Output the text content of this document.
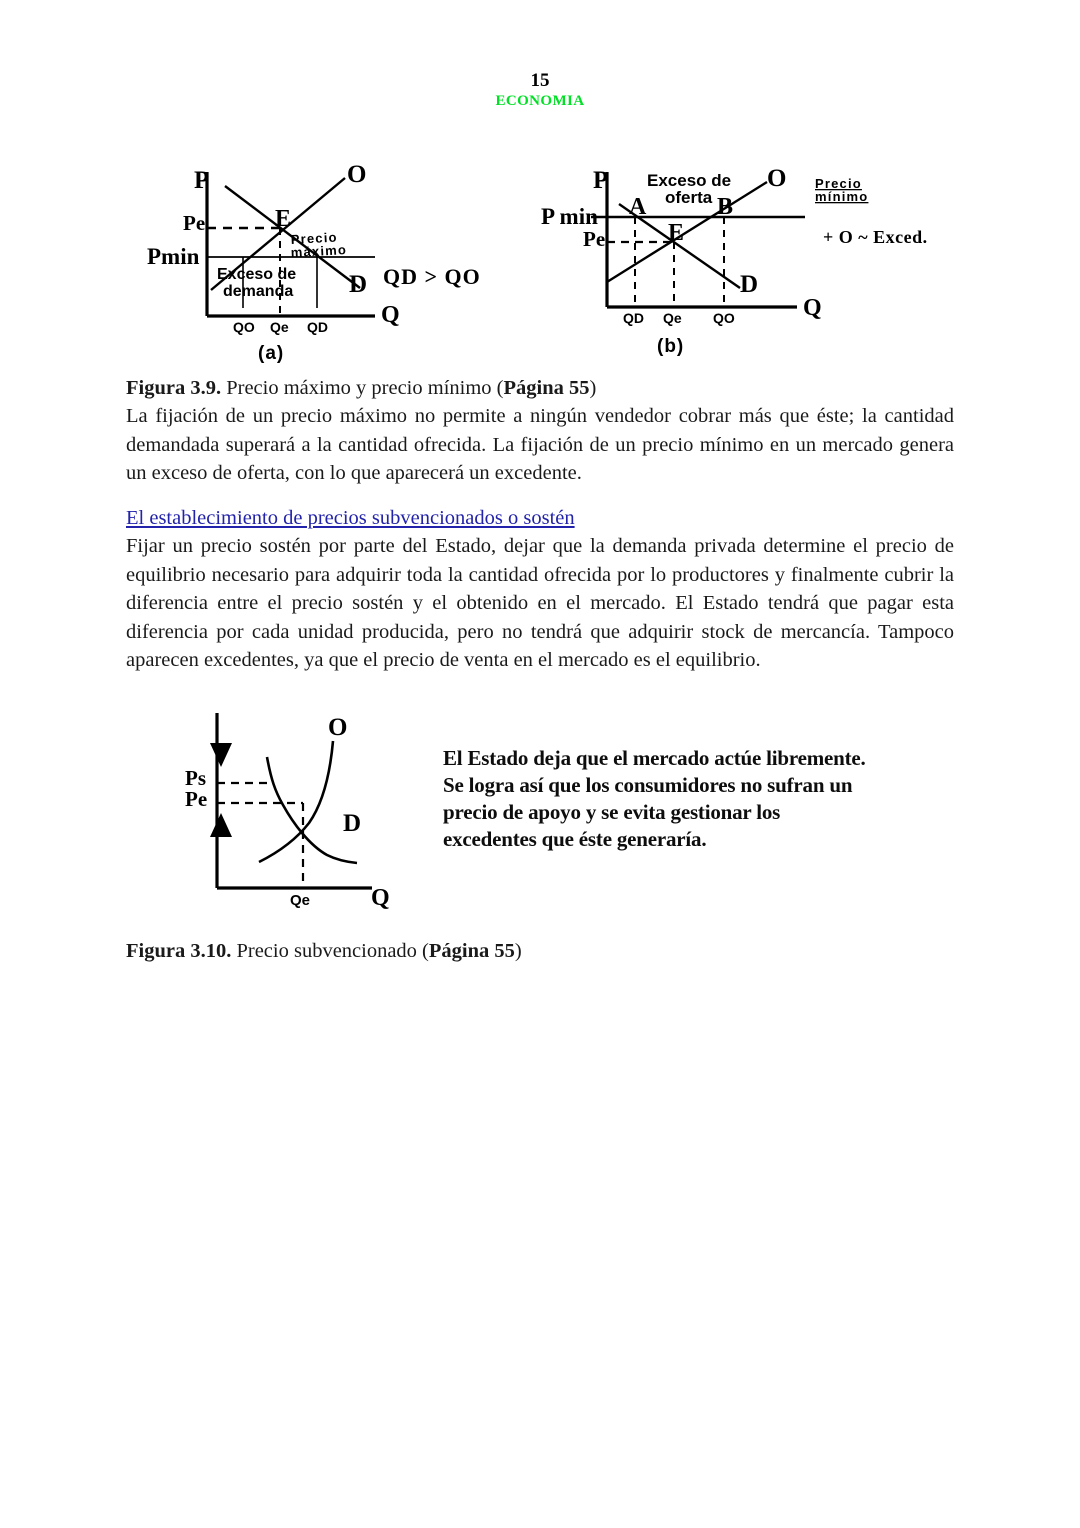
15
ECONOMIA
P
Q
O
D
E
Pe
Pmin
Precio
máximo
Exceso de
demanda
QD > QO
QO Qe QD
(a)
P
Q
O
D
E
P min
Pe
A	B
Exceso de
oferta
Precio
mínimo
+ O ~ Exced.
QD Qe QO
(b)
Figura 3.9. Precio máximo y precio mínimo (Página 55)
La fijación de un precio máximo no permite a ningún vendedor cobrar más que éste; la cantidad demandada superará a la cantidad ofrecida. La fijación de un precio mínimo en un mercado genera un exceso de oferta, con lo que aparecerá un excedente.
El establecimiento de precios subvencionados o sostén
Fijar un precio sostén por parte del Estado, dejar que la demanda privada determine el precio de equilibrio necesario para adquirir toda la cantidad ofrecida por lo productores y finalmente cubrir la diferencia entre el precio sostén y el obtenido en el mercado. El Estado tendrá que pagar esta diferencia por cada unidad producida, pero no tendrá que adquirir stock de mercancía. Tampoco aparecen excedentes, ya que el precio de venta en el mercado es el equilibrio.
Ps
Pe
O
D
Qe	Q
El Estado deja que el mercado actúe libremente.
Se logra así que los consumidores no sufran un
precio de apoyo y se evita gestionar los
excedentes que éste generaría.
Figura 3.10. Precio subvencionado (Página 55)
